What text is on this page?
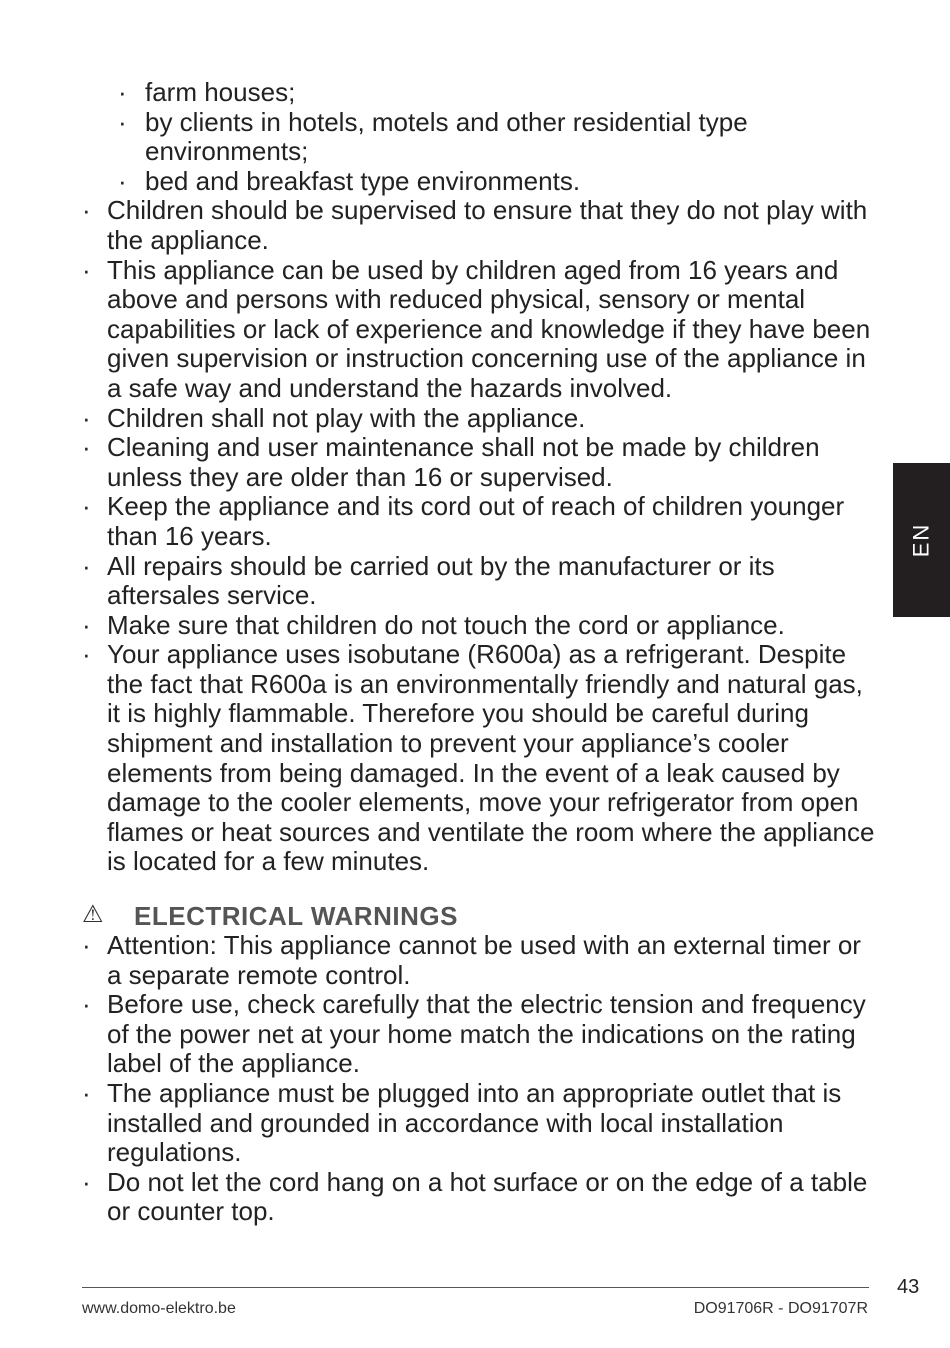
· farm houses;

· by clients in hotels, motels and other residential type environments;

· bed and breakfast type environments.

· Children should be supervised to ensure that they do not play with the appliance.

· This appliance can be used by children aged from 16 years and above and persons with reduced physical, sensory or mental capabilities or lack of experience and knowledge if they have been given supervision or instruction concerning use of the appliance in a safe way and understand the hazards involved.

· Children shall not play with the appliance.

· Cleaning and user maintenance shall not be made by children unless they are older than 16 or supervised.

· Keep the appliance and its cord out of reach of children younger than 16 years.

· All repairs should be carried out by the manufacturer or its aftersales service.

· Make sure that children do not touch the cord or appliance.

· Your appliance uses isobutane (R600a) as a refrigerant. Despite the fact that R600a is an environmentally friendly and natural gas, it is highly flammable. Therefore you should be careful during shipment and installation to prevent your appliance’s cooler elements from being damaged. In the event of a leak caused by damage to the cooler elements, move your refrigerator from open flames or heat sources and ventilate the room where the appliance is located for a few minutes.

⚠ ELECTRICAL WARNINGS

· Attention: This appliance cannot be used with an external timer or a separate remote control.

· Before use, check carefully that the electric tension and frequency of the power net at your home match the indications on the rating label of the appliance.

· The appliance must be plugged into an appropriate outlet that is installed and grounded in accordance with local installation regulations.

· Do not let the cord hang on a hot surface or on the edge of a table or counter top.

EN
43
www.domo-elektro.be	DO91706R - DO91707R
